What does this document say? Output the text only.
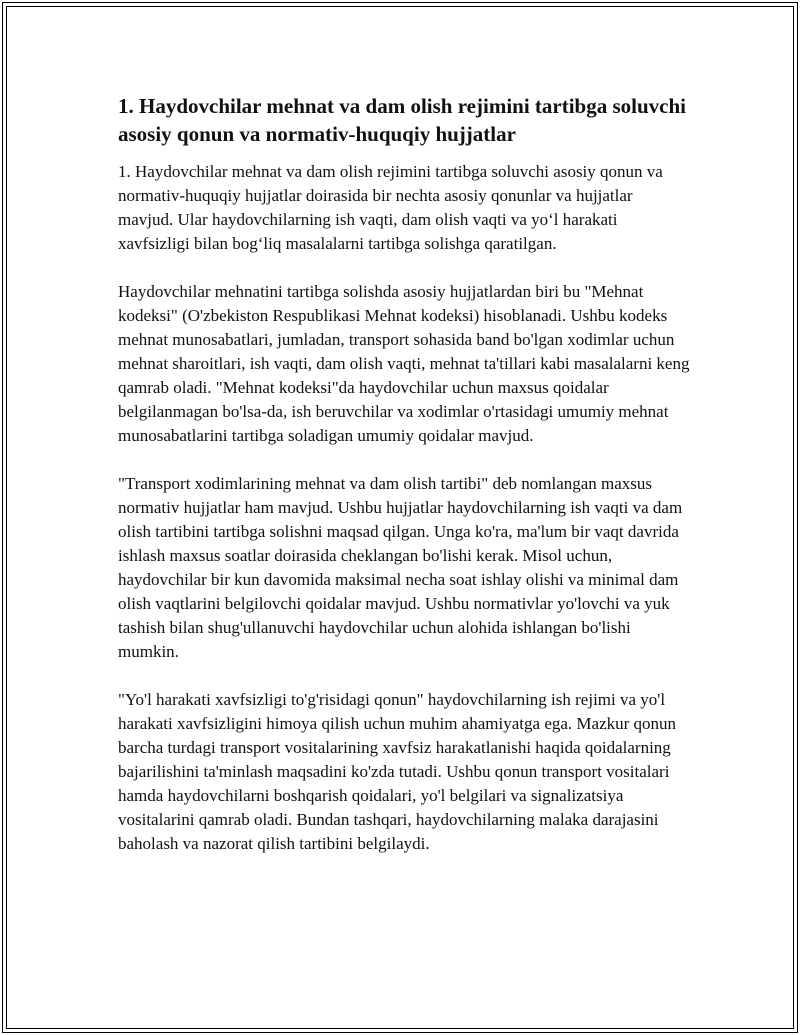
1. Haydovchilar mehnat va dam olish rejimini tartibga soluvchi asosiy qonun va normativ-huquqiy hujjatlar

1. Haydovchilar mehnat va dam olish rejimini tartibga soluvchi asosiy qonun va normativ-huquqiy hujjatlar doirasida bir nechta asosiy qonunlar va hujjatlar mavjud. Ular haydovchilarning ish vaqti, dam olish vaqti va yo‘l harakati xavfsizligi bilan bog‘liq masalalarni tartibga solishga qaratilgan.

Haydovchilar mehnatini tartibga solishda asosiy hujjatlardan biri bu "Mehnat kodeksi" (O'zbekiston Respublikasi Mehnat kodeksi) hisoblanadi. Ushbu kodeks mehnat munosabatlari, jumladan, transport sohasida band bo'lgan xodimlar uchun mehnat sharoitlari, ish vaqti, dam olish vaqti, mehnat ta'tillari kabi masalalarni keng qamrab oladi. "Mehnat kodeksi"da haydovchilar uchun maxsus qoidalar belgilanmagan bo'lsa-da, ish beruvchilar va xodimlar o'rtasidagi umumiy mehnat munosabatlarini tartibga soladigan umumiy qoidalar mavjud.

"Transport xodimlarining mehnat va dam olish tartibi" deb nomlangan maxsus normativ hujjatlar ham mavjud. Ushbu hujjatlar haydovchilarning ish vaqti va dam olish tartibini tartibga solishni maqsad qilgan. Unga ko'ra, ma'lum bir vaqt davrida ishlash maxsus soatlar doirasida cheklangan bo'lishi kerak. Misol uchun, haydovchilar bir kun davomida maksimal necha soat ishlay olishi va minimal dam olish vaqtlarini belgilovchi qoidalar mavjud. Ushbu normativlar yo'lovchi va yuk tashish bilan shug'ullanuvchi haydovchilar uchun alohida ishlangan bo'lishi mumkin.

"Yo'l harakati xavfsizligi to'g'risidagi qonun" haydovchilarning ish rejimi va yo'l harakati xavfsizligini himoya qilish uchun muhim ahamiyatga ega. Mazkur qonun barcha turdagi transport vositalarining xavfsiz harakatlanishi haqida qoidalarning bajarilishini ta'minlash maqsadini ko'zda tutadi. Ushbu qonun transport vositalari hamda haydovchilarni boshqarish qoidalari, yo'l belgilari va signalizatsiya vositalarini qamrab oladi. Bundan tashqari, haydovchilarning malaka darajasini baholash va nazorat qilish tartibini belgilaydi.
